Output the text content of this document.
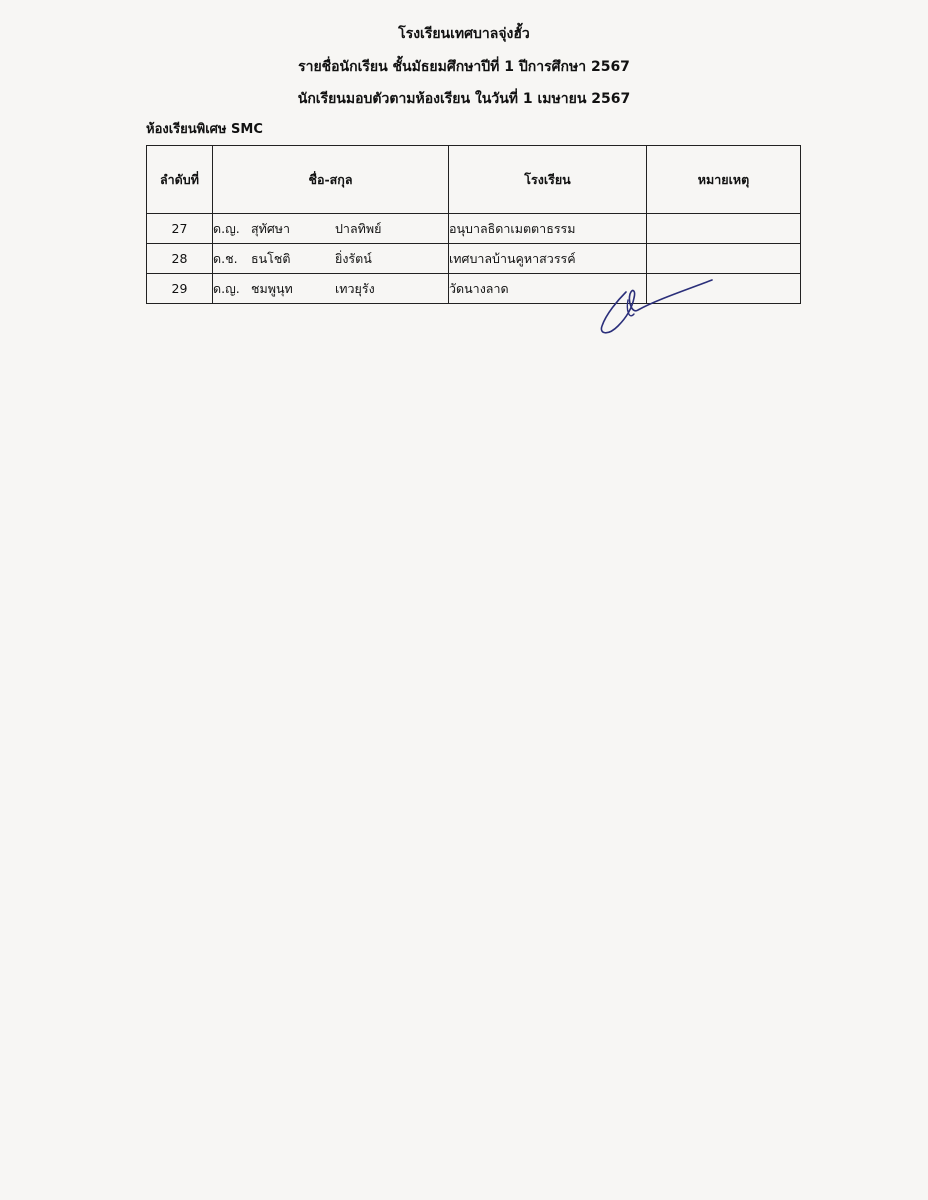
โรงเรียนเทศบาลจุ่งฮั้ว
รายชื่อนักเรียน ชั้นมัธยมศึกษาปีที่ 1 ปีการศึกษา 2567
นักเรียนมอบตัวตามห้องเรียน ในวันที่ 1 เมษายน 2567
ห้องเรียนพิเศษ SMC
ลำดับที่	ชื่อ-สกุล	โรงเรียน	หมายเหตุ
27	ด.ญ. สุทัศษา ปาลทิพย์	อนุบาลธิดาเมตตาธรรม	
28	ด.ช. ธนโชติ ยิ่งรัตน์	เทศบาลบ้านคูหาสวรรค์	
29	ด.ญ. ชมพูนุท เทวยุรัง	วัดนางลาด	
